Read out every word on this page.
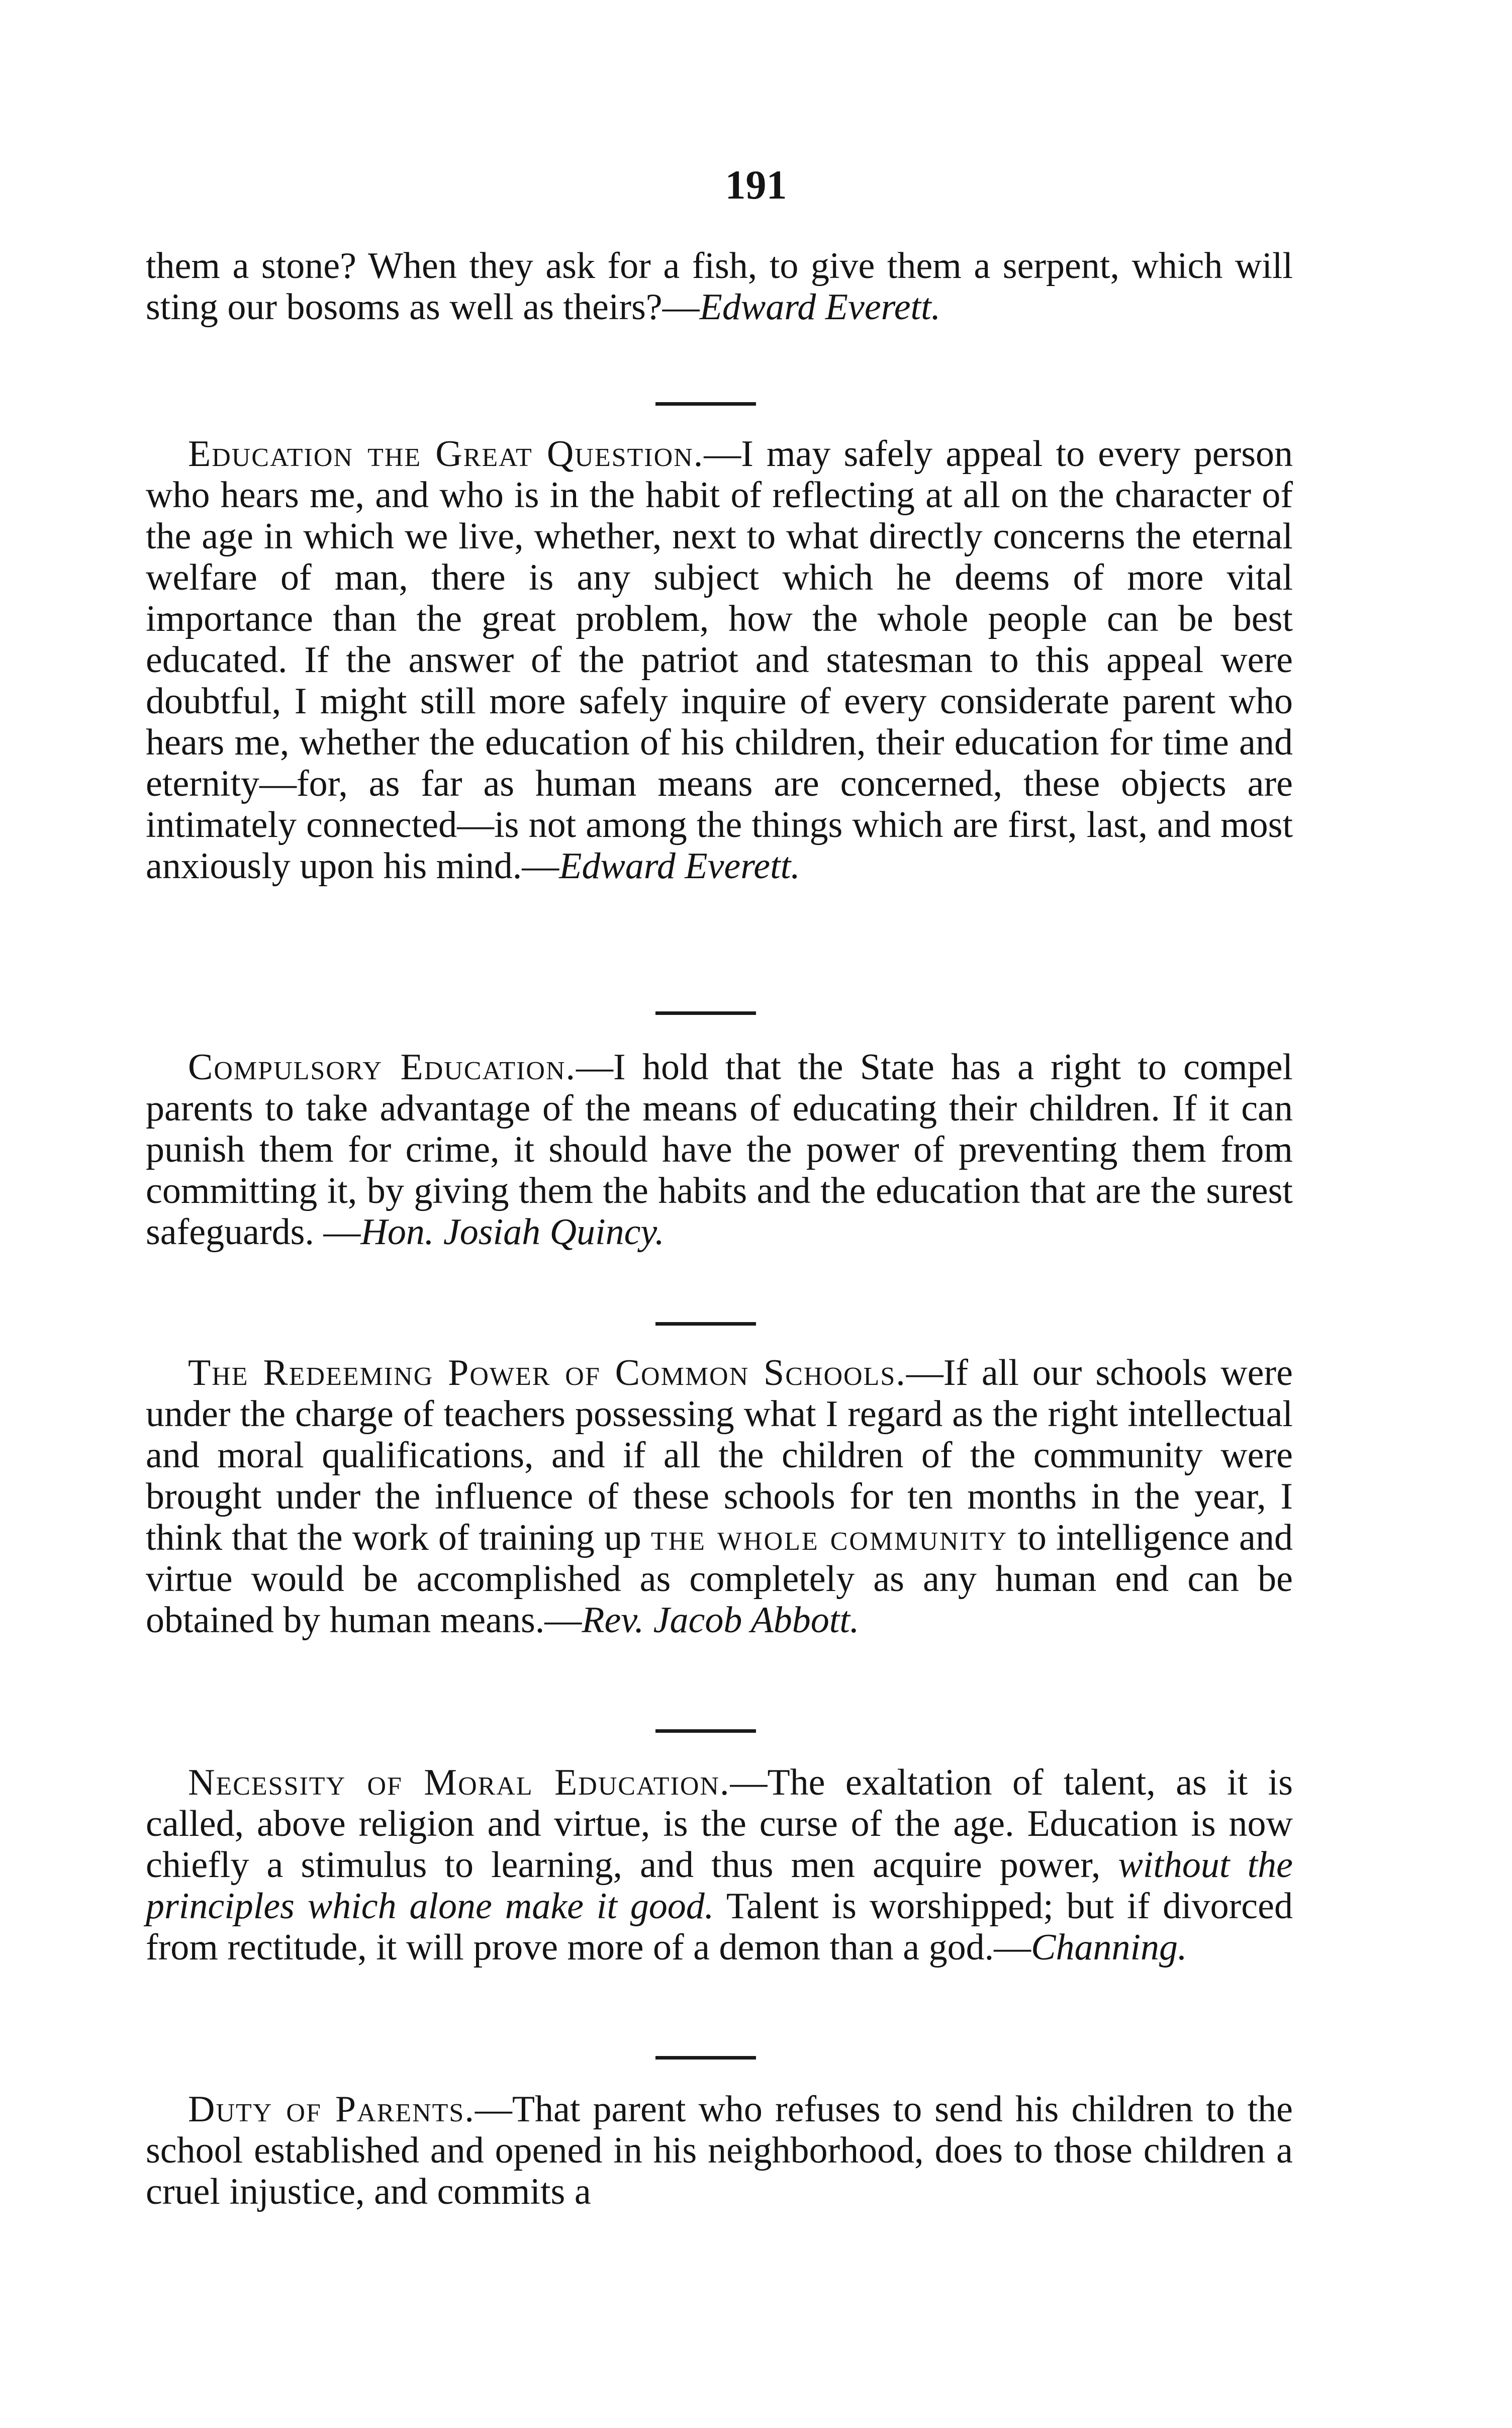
191

them a stone? When they ask for a fish, to give them a serpent, which will sting our bosoms as well as theirs?—Edward Everett.

Education the Great Question.—I may safely appeal to every person who hears me, and who is in the habit of reflecting at all on the character of the age in which we live, whether, next to what directly concerns the eternal welfare of man, there is any subject which he deems of more vital importance than the great problem, how the whole people can be best educated. If the answer of the patriot and statesman to this appeal were doubtful, I might still more safely inquire of every considerate parent who hears me, whether the education of his children, their education for time and eternity—for, as far as human means are concerned, these objects are intimately connected—is not among the things which are first, last, and most anxiously upon his mind.—Edward Everett.

Compulsory Education.—I hold that the State has a right to compel parents to take advantage of the means of educating their children. If it can punish them for crime, it should have the power of preventing them from committing it, by giving them the habits and the education that are the surest safeguards. —Hon. Josiah Quincy.

The Redeeming Power of Common Schools.—If all our schools were under the charge of teachers possessing what I regard as the right intellectual and moral qualifications, and if all the children of the community were brought under the influence of these schools for ten months in the year, I think that the work of training up the whole community to intelligence and virtue would be accomplished as completely as any human end can be obtained by human means.—Rev. Jacob Abbott.

Necessity of Moral Education.—The exaltation of talent, as it is called, above religion and virtue, is the curse of the age. Education is now chiefly a stimulus to learning, and thus men acquire power, without the principles which alone make it good. Talent is worshipped; but if divorced from rectitude, it will prove more of a demon than a god.—Channing.

Duty of Parents.—That parent who refuses to send his children to the school established and opened in his neighborhood, does to those children a cruel injustice, and commits a
